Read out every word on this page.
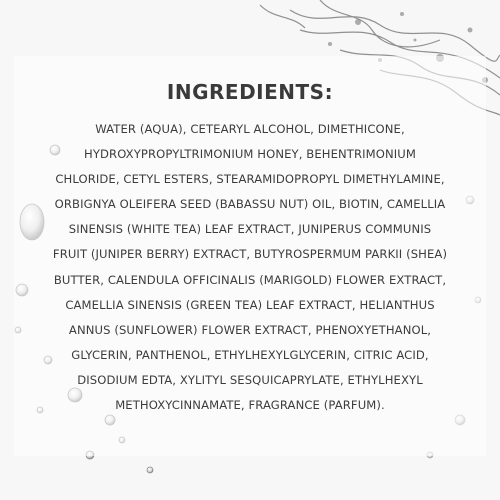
INGREDIENTS:
WATER (AQUA), CETEARYL ALCOHOL, DIMETHICONE,
HYDROXYPROPYLTRIMONIUM HONEY, BEHENTRIMONIUM
CHLORIDE, CETYL ESTERS, STEARAMIDOPROPYL DIMETHYLAMINE,
ORBIGNYA OLEIFERA SEED (BABASSU NUT) OIL, BIOTIN, CAMELLIA
SINENSIS (WHITE TEA) LEAF EXTRACT, JUNIPERUS COMMUNIS
FRUIT (JUNIPER BERRY) EXTRACT, BUTYROSPERMUM PARKII (SHEA)
BUTTER, CALENDULA OFFICINALIS (MARIGOLD) FLOWER EXTRACT,
CAMELLIA SINENSIS (GREEN TEA) LEAF EXTRACT, HELIANTHUS
ANNUS (SUNFLOWER) FLOWER EXTRACT, PHENOXYETHANOL,
GLYCERIN, PANTHENOL, ETHYLHEXYLGLYCERIN, CITRIC ACID,
DISODIUM EDTA, XYLITYL SESQUICAPRYLATE, ETHYLHEXYL
METHOXYCINNAMATE, FRAGRANCE (PARFUM).
